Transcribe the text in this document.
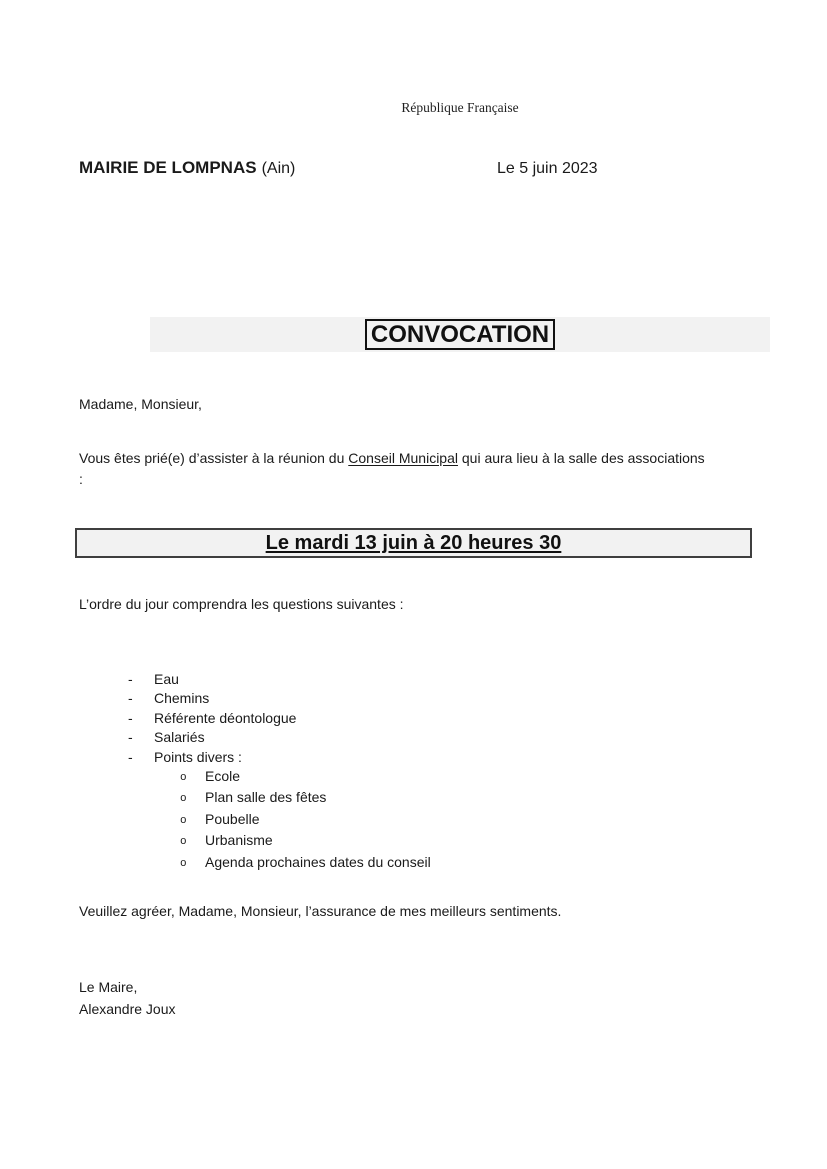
République Française
MAIRIE DE LOMPNAS (Ain)	Le 5 juin 2023
CONVOCATION

Madame, Monsieur,

Vous êtes prié(e) d’assister à la réunion du Conseil Municipal qui aura lieu à la salle des associations
:
Le mardi 13 juin à 20 heures 30

L’ordre du jour comprendra les questions suivantes :

-	Eau
-	Chemins
-	Référente déontologue
-	Salariés
-	Points divers :
o	Ecole
o	Plan salle des fêtes
o	Poubelle
o	Urbanisme
o	Agenda prochaines dates du conseil

Veuillez agréer, Madame, Monsieur, l’assurance de mes meilleurs sentiments.

Le Maire,
Alexandre Joux
